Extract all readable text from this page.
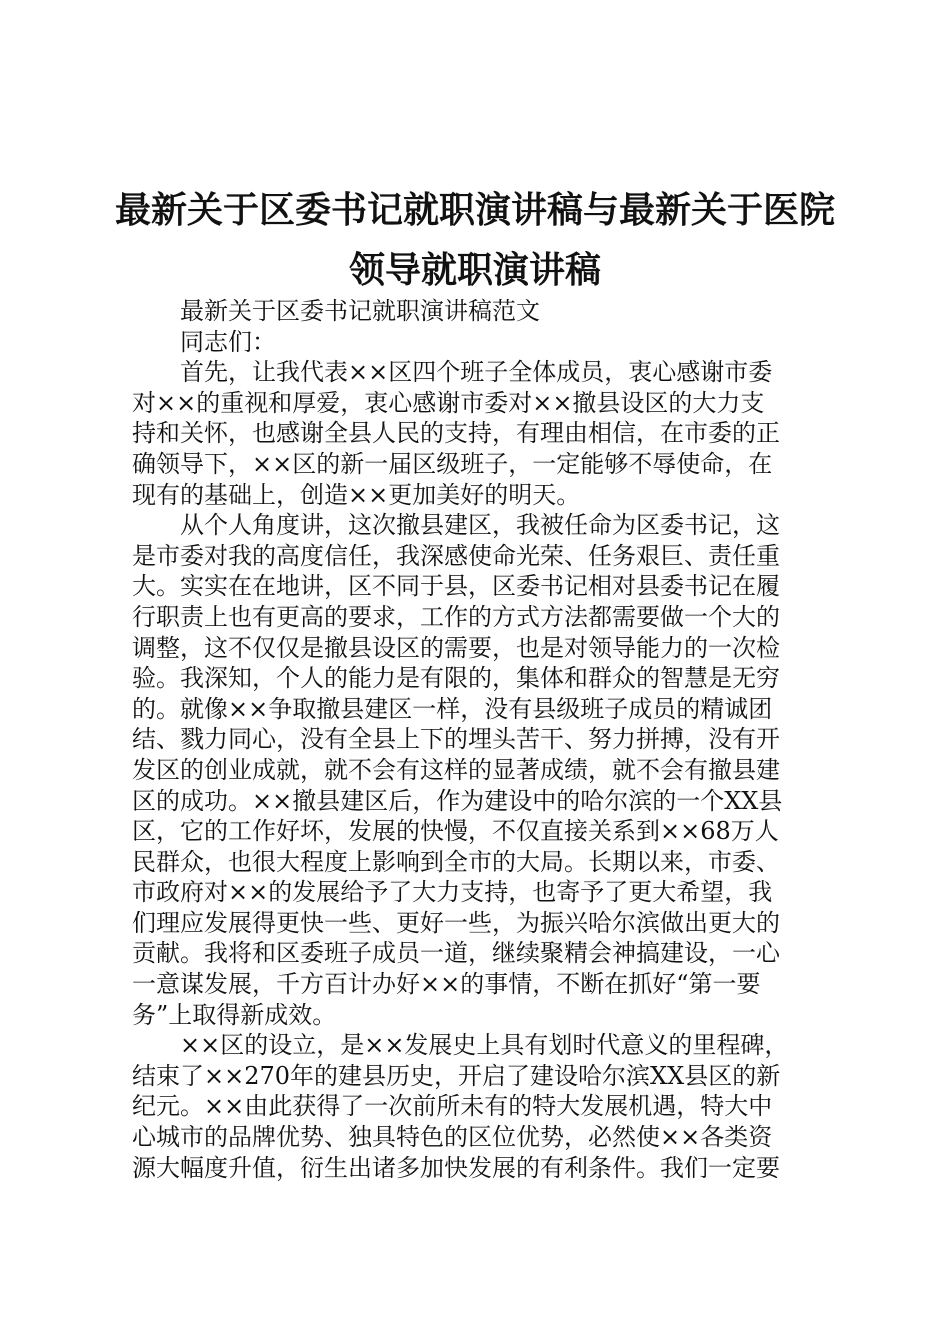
最新关于区委书记就职演讲稿与最新关于医院
领导就职演讲稿
最新关于区委书记就职演讲稿范文
同志们：
首先，让我代表××区四个班子全体成员，衷心感谢市委
对××的重视和厚爱，衷心感谢市委对××撤县设区的大力支
持和关怀，也感谢全县人民的支持，有理由相信，在市委的正
确领导下，××区的新一届区级班子，一定能够不辱使命，在
现有的基础上，创造××更加美好的明天。
从个人角度讲，这次撤县建区，我被任命为区委书记，这
是市委对我的高度信任，我深感使命光荣、任务艰巨、责任重
大。实实在在地讲，区不同于县，区委书记相对县委书记在履
行职责上也有更高的要求，工作的方式方法都需要做一个大的
调整，这不仅仅是撤县设区的需要，也是对领导能力的一次检
验。我深知，个人的能力是有限的，集体和群众的智慧是无穷
的。就像××争取撤县建区一样，没有县级班子成员的精诚团
结、戮力同心，没有全县上下的埋头苦干、努力拼搏，没有开
发区的创业成就，就不会有这样的显著成绩，就不会有撤县建
区的成功。××撤县建区后，作为建设中的哈尔滨的一个XX县
区，它的工作好坏，发展的快慢，不仅直接关系到××68万人
民群众，也很大程度上影响到全市的大局。长期以来，市委、
市政府对××的发展给予了大力支持，也寄予了更大希望，我
们理应发展得更快一些、更好一些，为振兴哈尔滨做出更大的
贡献。我将和区委班子成员一道，继续聚精会神搞建设，一心
一意谋发展，千方百计办好××的事情，不断在抓好“第一要
务”上取得新成效。
××区的设立，是××发展史上具有划时代意义的里程碑，
结束了××270年的建县历史，开启了建设哈尔滨XX县区的新
纪元。××由此获得了一次前所未有的特大发展机遇，特大中
心城市的品牌优势、独具特色的区位优势，必然使××各类资
源大幅度升值，衍生出诸多加快发展的有利条件。我们一定要
